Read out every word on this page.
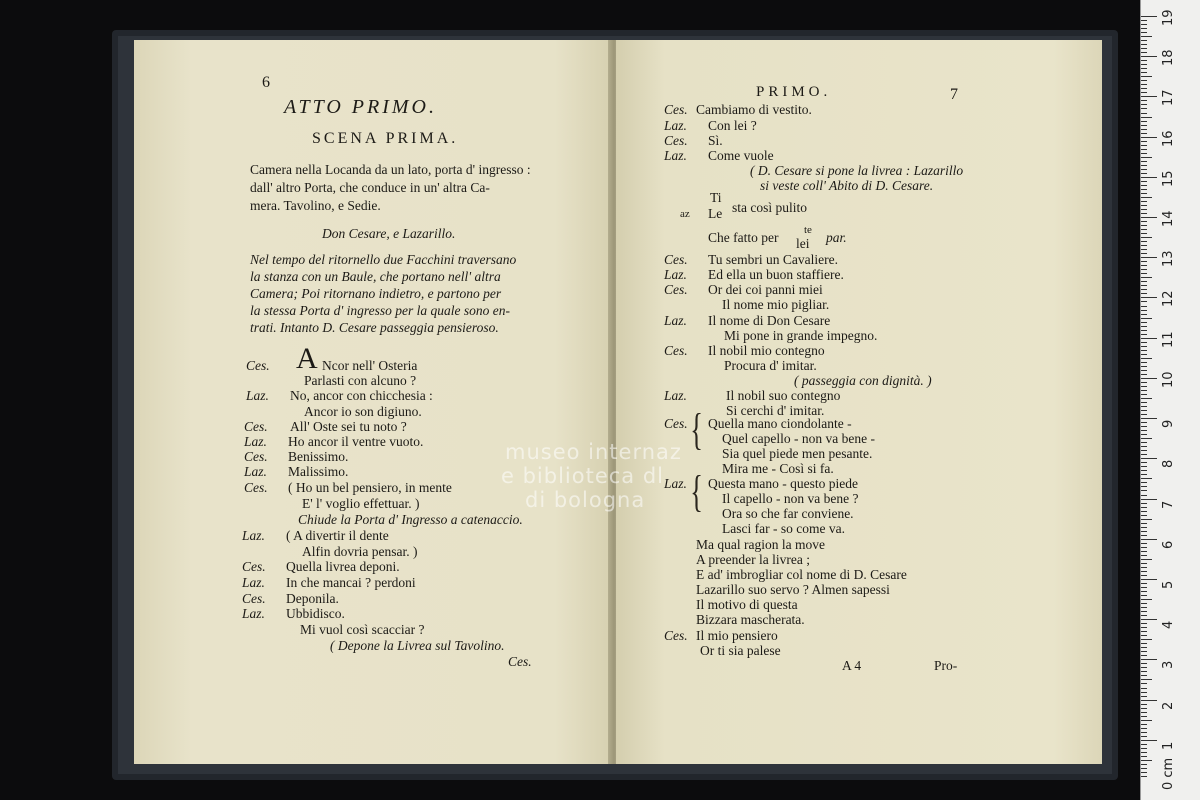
6
ATTO PRIMO.
SCENA PRIMA.
Camera nella Locanda da un lato, porta d' ingresso :
dall' altro Porta, che conduce in un' altra Ca-
mera. Tavolino, e Sedie.
Don Cesare, e Lazarillo.
Nel tempo del ritornello due Facchini traversano
la stanza con un Baule, che portano nell' altra
Camera; Poi ritornano indietro, e partono per
la stessa Porta d' ingresso per la quale sono en-
trati. Intanto D. Cesare passeggia pensieroso.
A
Ces.	Ncor nell' Osteria
Parlasti con alcuno ?
Laz. No, ancor con chicchesia :
Ancor io son digiuno.
Ces. All' Oste sei tu noto ?
Laz. Ho ancor il ventre vuoto.
Ces. Benissimo.
Laz. Malissimo.
Ces. ( Ho un bel pensiero, in mente
E' l' voglio effettuar. )
Chiude la Porta d' Ingresso a catenaccio.
Laz. ( A divertir il dente
Alfin dovria pensar. )
Ces. Quella livrea deponi.
Laz. In che mancai ? perdoni
Ces. Deponila.
Laz. Ubbidisco.
Mi vuol così scacciar ?
( Depone la Livrea sul Tavolino.
Ces.
PRIMO.	7
Ces. Cambiamo di vestito.
Laz. Con lei ?
Ces. Sì.
Laz. Come vuole
( D. Cesare si pone la livrea : Lazarillo
si veste coll' Abito di D. Cesare.
az
Ti
Le sta così pulito
Che fatto per te
lei par.
Ces. Tu sembri un Cavaliere.
Laz. Ed ella un buon staffiere.
Ces. Or dei coi panni miei
Il nome mio pigliar.
Laz. Il nome di Don Cesare
Mi pone in grande impegno.
Ces. Il nobil mio contegno
Procura d' imitar.
( passeggia con dignità. )
Laz.	Il nobil suo contegno
Si cerchi d' imitar.
Ces. { Quella mano ciondolante -
Quel capello - non va bene -
Sia quel piede men pesante.
Mira me - Così si fa.
Laz. { Questa mano - questo piede
Il capello - non va bene ?
Ora so che far conviene.
Lasci far - so come va.
Ma qual ragion la move
A preender la livrea ;
E ad' imbrogliar col nome di D. Cesare
Lazarillo suo servo ? Almen sapessi
Il motivo di questa
Bizzara mascherata.
Ces. Il mio pensiero
Or ti sia palese
A 4	Pro-
museo internaz
e biblioteca dl
di bologna
19
18
17
16
15
14
13
12
11
10
9
8
7
6
5
4
3
2
1
0 cm
